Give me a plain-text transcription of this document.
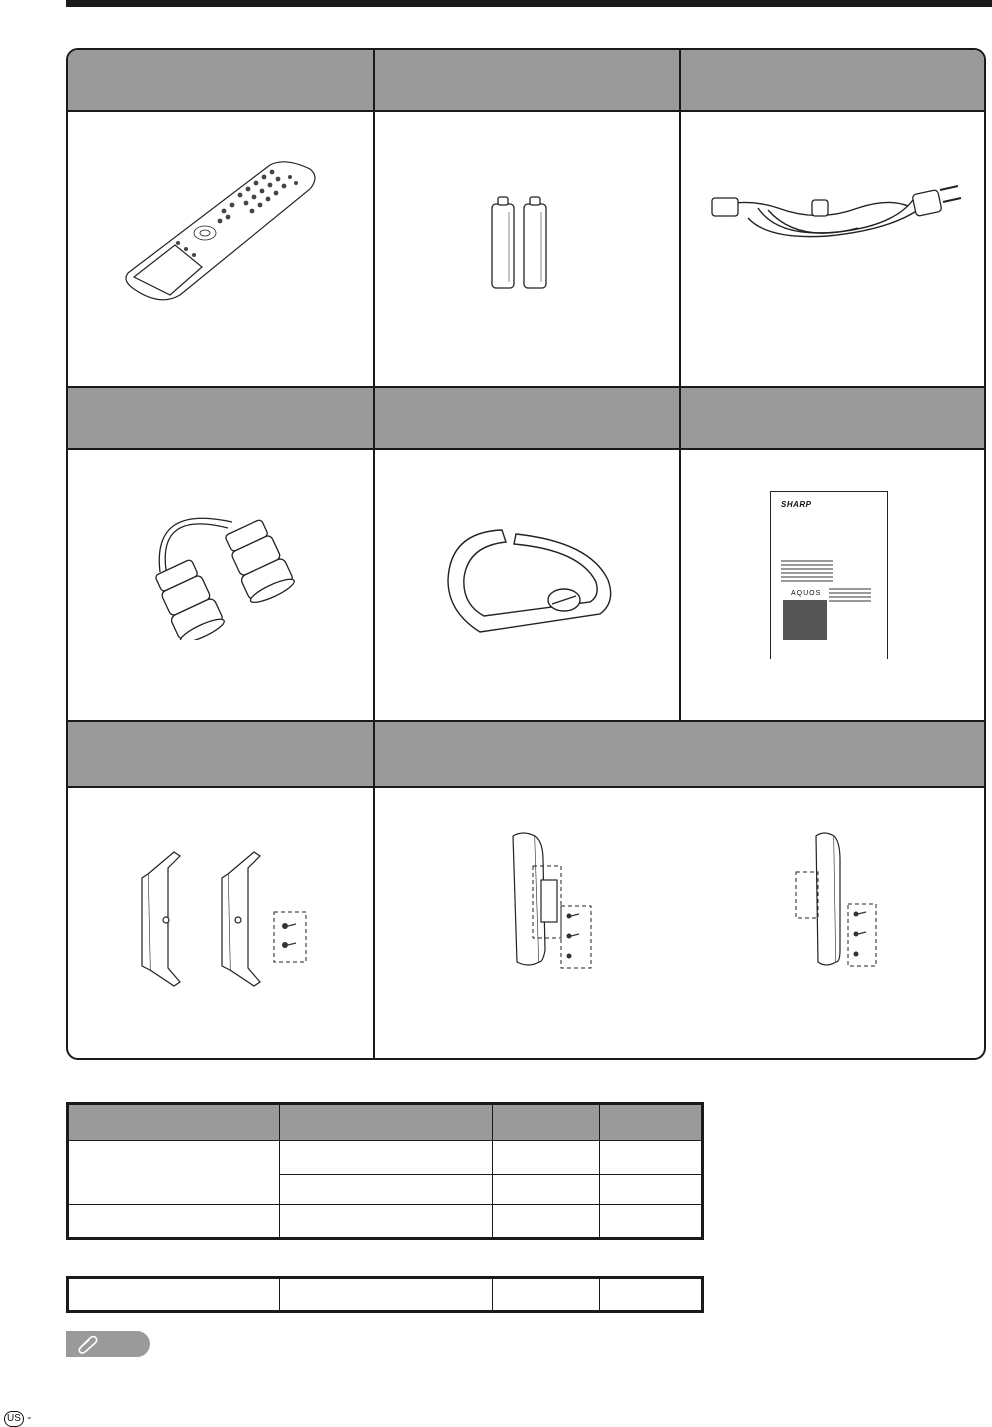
SHARP
AQUOS

US -
